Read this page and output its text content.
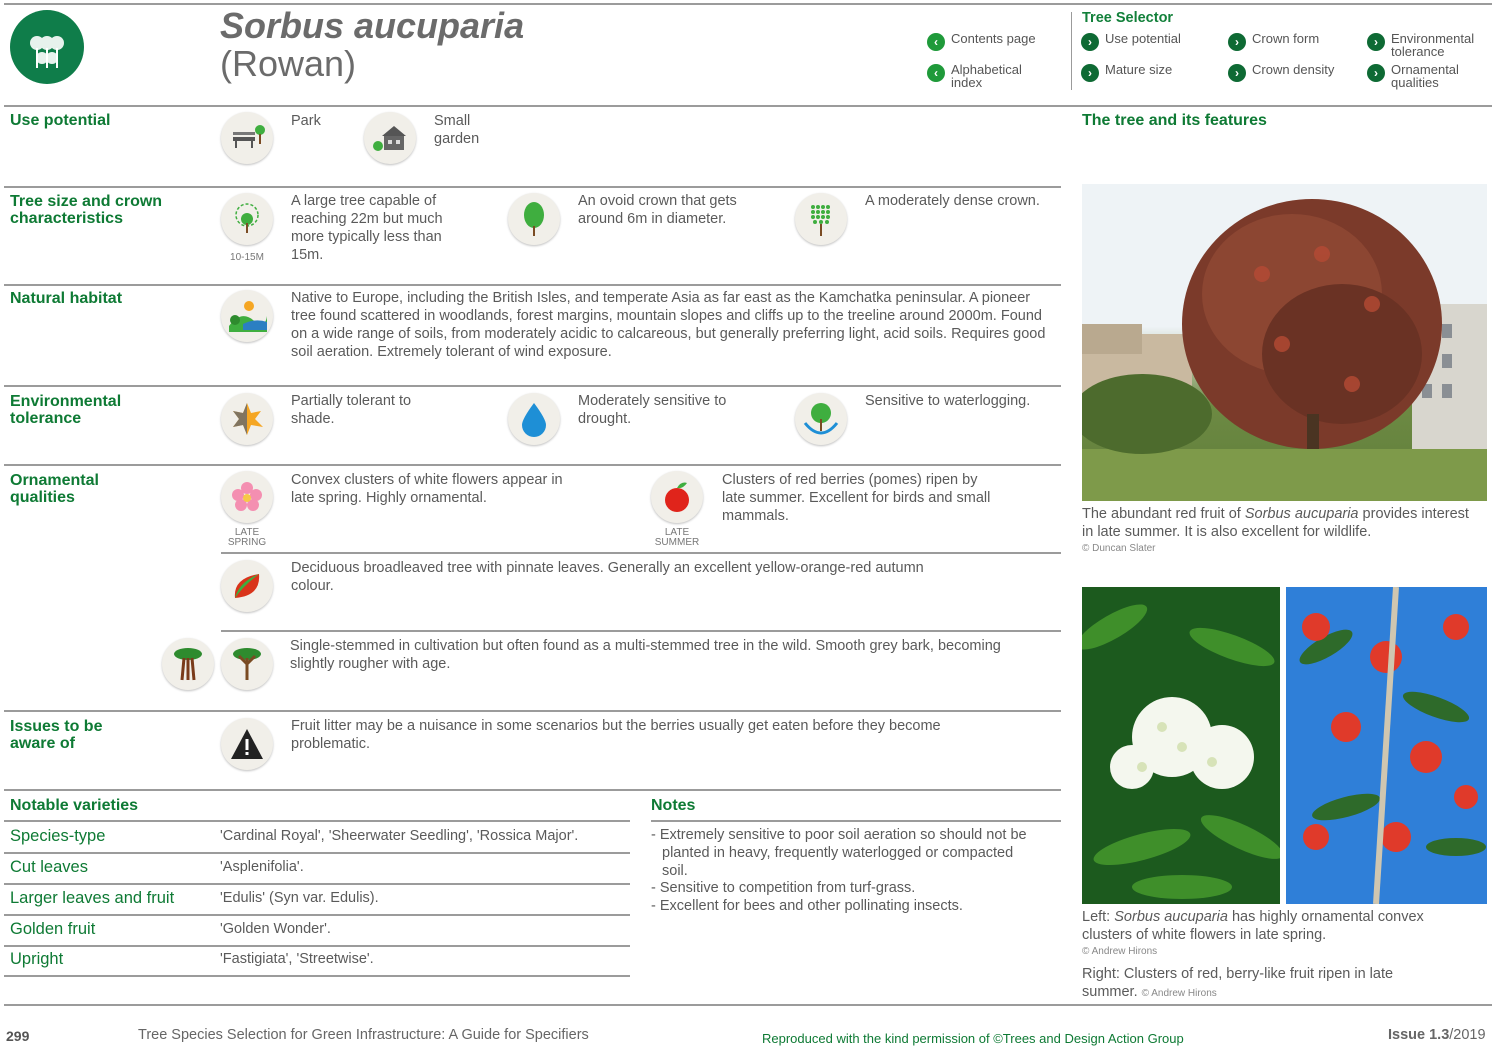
Sorbus aucuparia
(Rowan)
‹	Contents page
‹	Alphabetical index
Tree Selector
›	Use potential	›	Crown form	›	Environmental tolerance
›	Mature size	›	Crown density	›	Ornamental qualities
Use potential	Park	Small garden
Tree size and crown characteristics
10-15M
A large tree capable of reaching 22m but much more typically less than 15m.
An ovoid crown that gets around 6m in diameter.
A moderately dense crown.
Natural habitat	Native to Europe, including the British Isles, and temperate Asia as far east as the Kamchatka peninsular. A pioneer tree found scattered in woodlands, forest margins, mountain slopes and cliffs up to the treeline around 2000m. Found on a wide range of soils, from moderately acidic to calcareous, but generally preferring light, acid soils. Requires good soil aeration. Extremely tolerant of wind exposure.
Environmental tolerance
Partially tolerant to shade.
Moderately sensitive to drought.
Sensitive to waterlogging.
Ornamental qualities
LATE SPRING
Convex clusters of white flowers appear in late spring. Highly ornamental.
LATE SUMMER
Clusters of red berries (pomes) ripen by late summer. Excellent for birds and small mammals.
Deciduous broadleaved tree with pinnate leaves. Generally an excellent yellow-orange-red autumn colour.
Single-stemmed in cultivation but often found as a multi-stemmed tree in the wild. Smooth grey bark, becoming slightly rougher with age.
Issues to be aware of
Fruit litter may be a nuisance in some scenarios but the berries usually get eaten before they become problematic.
Notable varieties
Species-type	'Cardinal Royal', 'Sheerwater Seedling', 'Rossica Major'.
Cut leaves	'Asplenifolia'.
Larger leaves and fruit	'Edulis' (Syn var. Edulis).
Golden fruit	'Golden Wonder'.
Upright	'Fastigiata', 'Streetwise'.
Notes
- Extremely sensitive to poor soil aeration so should not be planted in heavy, frequently waterlogged or compacted soil.
- Sensitive to competition from turf-grass.
- Excellent for bees and other pollinating insects.
The tree and its features
The abundant red fruit of Sorbus aucuparia provides interest in late summer. It is also excellent for wildlife.
© Duncan Slater
Left: Sorbus aucuparia has highly ornamental convex clusters of white flowers in late spring.
© Andrew Hirons
Right: Clusters of red, berry-like fruit ripen in late summer. © Andrew Hirons
299	Tree Species Selection for Green Infrastructure: A Guide for Specifiers	Reproduced with the kind permission of ©Trees and Design Action Group	Issue 1.3/2019
